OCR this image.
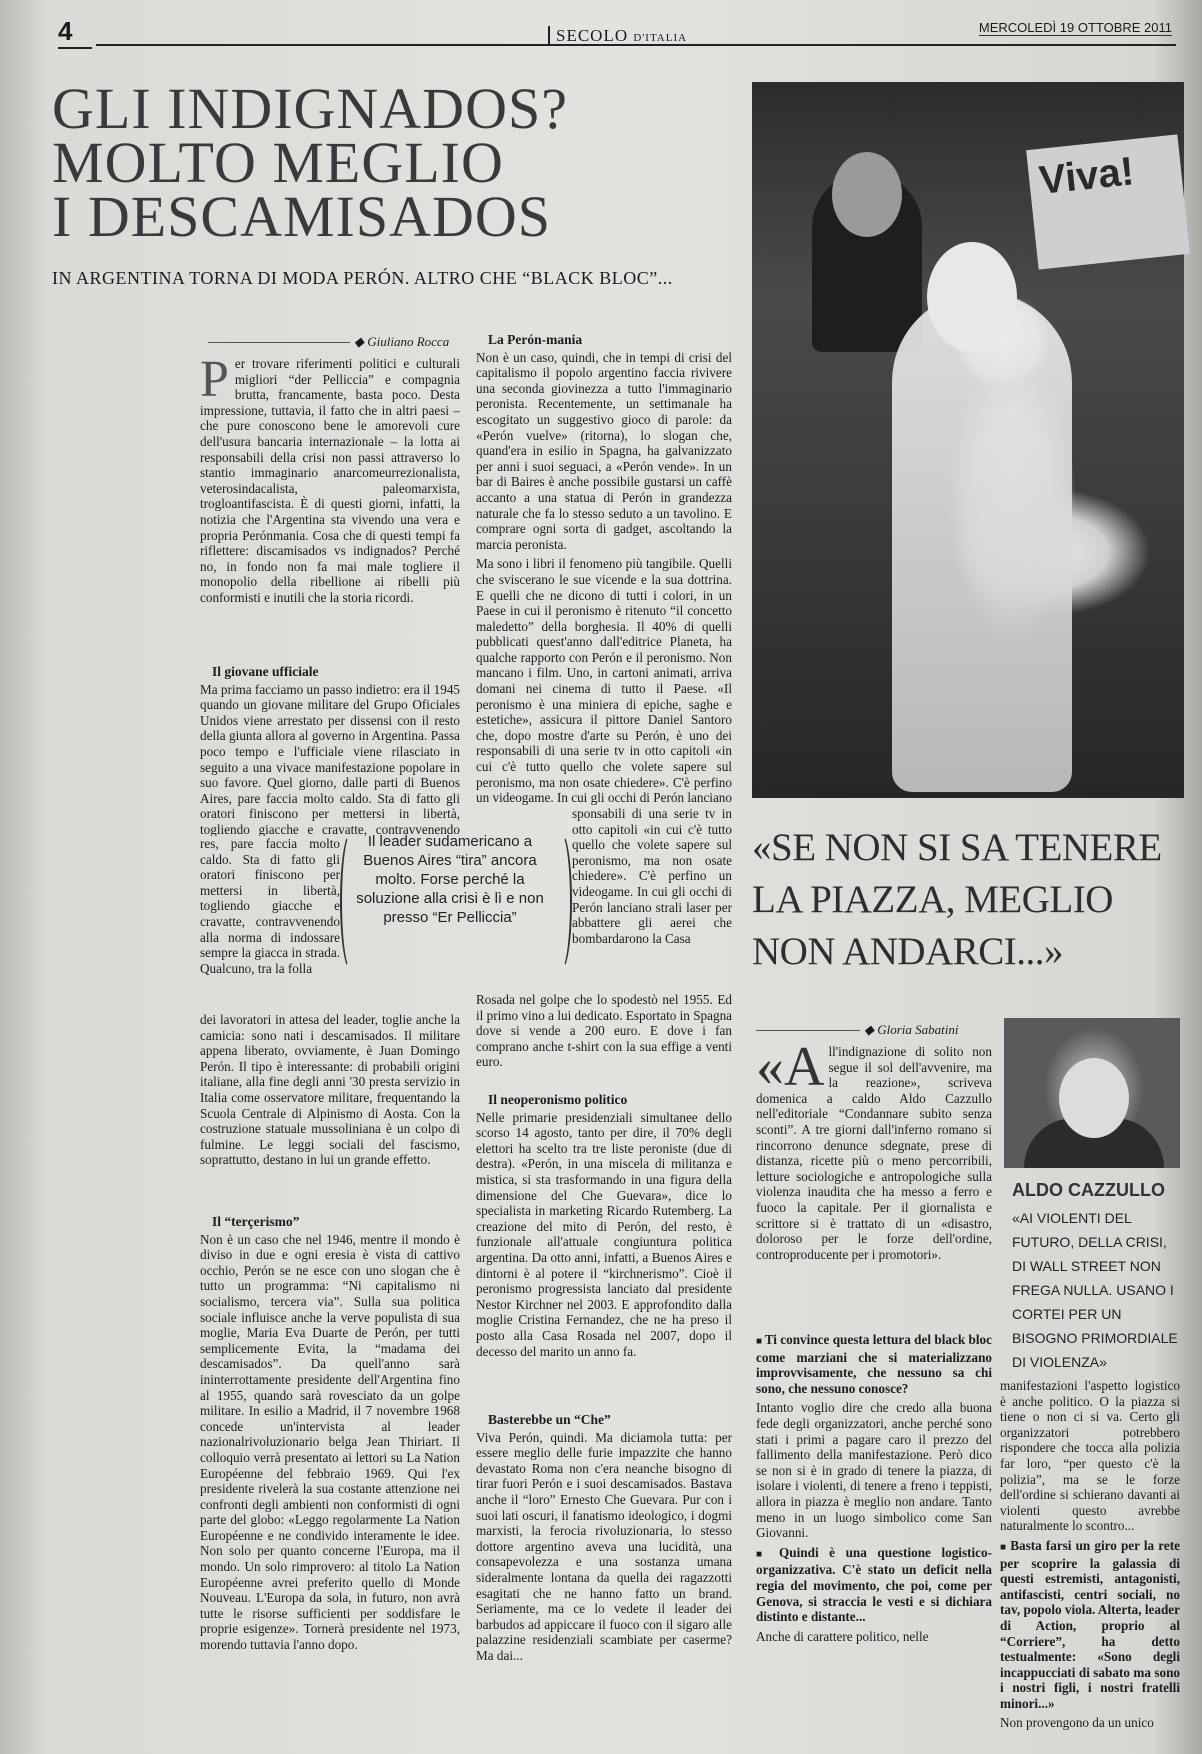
4	SECOLO D'ITALIA
MERCOLEDÌ 19 OTTOBRE 2011
GLI INDIGNADOS?
MOLTO MEGLIO
I DESCAMISADOS
IN ARGENTINA TORNA DI MODA PERÓN. ALTRO CHE “BLACK BLOC”...
◆
Giuliano Rocca

Per trovare riferimenti politici e culturali migliori “der Pelliccia” e compagnia brutta, francamente, basta poco. Desta impressione, tuttavia, il fatto che in altri paesi – che pure conoscono bene le amorevoli cure dell'usura bancaria internazionale – la lotta ai responsabili della crisi non passi attraverso lo stantio immaginario anarcomeurrezionalista, veterosindacalista, paleomarxista, trogloantifascista. È di questi giorni, infatti, la notizia che l'Argentina sta vivendo una vera e propria Perónmania. Cosa che di questi tempi fa riflettere: discamisados vs indignados? Perché no, in fondo non fa mai male togliere il monopolio della ribellione ai ribelli più conformisti e inutili che la storia ricordi.

Il giovane ufficiale

Ma prima facciamo un passo indietro: era il 1945 quando un giovane militare del Grupo Oficiales Unidos viene arrestato per dissensi con il resto della giunta allora al governo in Argentina. Passa poco tempo e l'ufficiale viene rilasciato in seguito a una vivace manifestazione popolare in suo favore. Quel giorno, dalle parti di Buenos Aires, pare faccia molto caldo. Sta di fatto gli oratori finiscono per mettersi in libertà, togliendo giacche e cravatte, contravvenendo

res, pare faccia molto caldo. Sta di fatto gli oratori finiscono per mettersi in libertà, togliendo giacche e cravatte, contravvenendo alla norma di indossare sempre la giacca in strada. Qualcuno, tra la folla

dei lavoratori in attesa del leader, toglie anche la camicia: sono nati i descamisados. Il militare appena liberato, ovviamente, è Juan Domingo Perón. Il tipo è interessante: di probabili origini italiane, alla fine degli anni '30 presta servizio in Italia come osservatore militare, frequentando la Scuola Centrale di Alpinismo di Aosta. Con la costruzione statuale mussoliniana è un colpo di fulmine. Le leggi sociali del fascismo, soprattutto, destano in lui un grande effetto.

Il “terçerismo”

Non è un caso che nel 1946, mentre il mondo è diviso in due e ogni eresia è vista di cattivo occhio, Perón se ne esce con uno slogan che è tutto un programma: “Ni capitalismo ni socialismo, tercera via”. Sulla sua politica sociale influisce anche la verve populista di sua moglie, Maria Eva Duarte de Perón, per tutti semplicemente Evita, la “madama dei descamisados”. Da quell'anno sarà ininterrottamente presidente dell'Argentina fino al 1955, quando sarà rovesciato da un golpe militare. In esilio a Madrid, il 7 novembre 1968 concede un'intervista al leader nazionalrivoluzionario belga Jean Thiriart. Il colloquio verrà presentato ai lettori su La Nation Européenne del febbraio 1969. Qui l'ex presidente rivelerà la sua costante attenzione nei confronti degli ambienti non conformisti di ogni parte del globo: «Leggo regolarmente La Nation Européenne e ne condivido interamente le idee. Non solo per quanto concerne l'Europa, ma il mondo. Un solo rimprovero: al titolo La Nation Européenne avrei preferito quello di Monde Nouveau. L'Europa da sola, in futuro, non avrà tutte le risorse sufficienti per soddisfare le proprie esigenze». Tornerà presidente nel 1973, morendo tuttavia l'anno dopo.

Il leader sudamericano a Buenos Aires “tira” ancora molto. Forse perché la soluzione alla crisi è lì e non presso “Er Pelliccia”
La Perón-mania

Non è un caso, quindi, che in tempi di crisi del capitalismo il popolo argentino faccia rivivere una seconda giovinezza a tutto l'immaginario peronista. Recentemente, un settimanale ha escogitato un suggestivo gioco di parole: da «Perón vuelve» (ritorna), lo slogan che, quand'era in esilio in Spagna, ha galvanizzato per anni i suoi seguaci, a «Perón vende». In un bar di Baires è anche possibile gustarsi un caffè accanto a una statua di Perón in grandezza naturale che fa lo stesso seduto a un tavolino. E comprare ogni sorta di gadget, ascoltando la marcia peronista.

Ma sono i libri il fenomeno più tangibile. Quelli che sviscerano le sue vicende e la sua dottrina. E quelli che ne dicono di tutti i colori, in un Paese in cui il peronismo è ritenuto “il concetto maledetto” della borghesia. Il 40% di quelli pubblicati quest'anno dall'editrice Planeta, ha qualche rapporto con Perón e il peronismo. Non mancano i film. Uno, in cartoni animati, arriva domani nei cinema di tutto il Paese. «Il peronismo è una miniera di epiche, saghe e estetiche», assicura il pittore Daniel Santoro che, dopo mostre d'arte su Perón, è uno dei responsabili di una serie tv in otto capitoli «in cui c'è tutto quello che volete sapere sul peronismo, ma non osate chiedere». C'è perfino un videogame. In cui gli occhi di Perón lanciano

sponsabili di una serie tv in otto capitoli «in cui c'è tutto quello che volete sapere sul peronismo, ma non osate chiedere». C'è perfino un videogame. In cui gli occhi di Perón lanciano strali laser per abbattere gli aerei che bombardarono la Casa

Rosada nel golpe che lo spodestò nel 1955. Ed il primo vino a lui dedicato. Esportato in Spagna dove si vende a 200 euro. E dove i fan comprano anche t-shirt con la sua effige a venti euro.

Il neoperonismo politico

Nelle primarie presidenziali simultanee dello scorso 14 agosto, tanto per dire, il 70% degli elettori ha scelto tra tre liste peroniste (due di destra). «Perón, in una miscela di militanza e mistica, si sta trasformando in una figura della dimensione del Che Guevara», dice lo specialista in marketing Ricardo Rutemberg. La creazione del mito di Perón, del resto, è funzionale all'attuale congiuntura politica argentina. Da otto anni, infatti, a Buenos Aires e dintorni è al potere il “kirchnerismo”. Cioè il peronismo progressista lanciato dal presidente Nestor Kirchner nel 2003. E approfondito dalla moglie Cristina Fernandez, che ne ha preso il posto alla Casa Rosada nel 2007, dopo il decesso del marito un anno fa.

Basterebbe un “Che”

Viva Perón, quindi. Ma diciamola tutta: per essere meglio delle furie impazzite che hanno devastato Roma non c'era neanche bisogno di tirar fuori Perón e i suoi descamisados. Bastava anche il “loro” Ernesto Che Guevara. Pur con i suoi lati oscuri, il fanatismo ideologico, i dogmi marxisti, la ferocia rivoluzionaria, lo stesso dottore argentino aveva una lucidità, una consapevolezza e una sostanza umana sideralmente lontana da quella dei ragazzotti esagitati che ne hanno fatto un brand. Seriamente, ma ce lo vedete il leader dei barbudos ad appiccare il fuoco con il sigaro alle palazzine residenziali scambiate per caserme? Ma dai...

Viva!
«SE NON SI SA TENERE LA PIAZZA, MEGLIO NON ANDARCI...»
◆
Gloria Sabatini

«All'indignazione di solito non segue il sol dell'avvenire, ma la reazione», scriveva domenica a caldo Aldo Cazzullo nell'editoriale “Condannare subito senza sconti”. A tre giorni dall'inferno romano si rincorrono denunce sdegnate, prese di distanza, ricette più o meno percorribili, letture sociologiche e antropologiche sulla violenza inaudita che ha messo a ferro e fuoco la capitale. Per il giornalista e scrittore si è trattato di un «disastro, doloroso per le forze dell'ordine, controproducente per i promotori».

■ Ti convince questa lettura del black bloc come marziani che si materializzano improvvisamente, che nessuno sa chi sono, che nessuno conosce?

Intanto voglio dire che credo alla buona fede degli organizzatori, anche perché sono stati i primi a pagare caro il prezzo del fallimento della manifestazione. Però dico se non si è in grado di tenere la piazza, di isolare i violenti, di tenere a freno i teppisti, allora in piazza è meglio non andare. Tanto meno in un luogo simbolico come San Giovanni.

■ Quindi è una questione logistico-organizzativa. C'è stato un deficit nella regia del movimento, che poi, come per Genova, si straccia le vesti e si dichiara distinto e distante...

Anche di carattere politico, nelle

ALDO CAZZULLO
«AI VIOLENTI DEL FUTURO, DELLA CRISI, DI WALL STREET NON FREGA NULLA. USANO I CORTEI PER UN BISOGNO PRIMORDIALE DI VIOLENZA»

manifestazioni l'aspetto logistico è anche politico. O la piazza si tiene o non ci si va. Certo gli organizzatori potrebbero rispondere che tocca alla polizia far loro, “per questo c'è la polizia”, ma se le forze dell'ordine si schierano davanti ai violenti questo avrebbe naturalmente lo scontro...

■ Basta farsi un giro per la rete per scoprire la galassia di questi estremisti, antagonisti, antifascisti, centri sociali, no tav, popolo viola. Alterta, leader di Action, proprio al “Corriere”, ha detto testualmente: «Sono degli incappucciati di sabato ma sono i nostri figli, i nostri fratelli minori...»

Non provengono da un unico
